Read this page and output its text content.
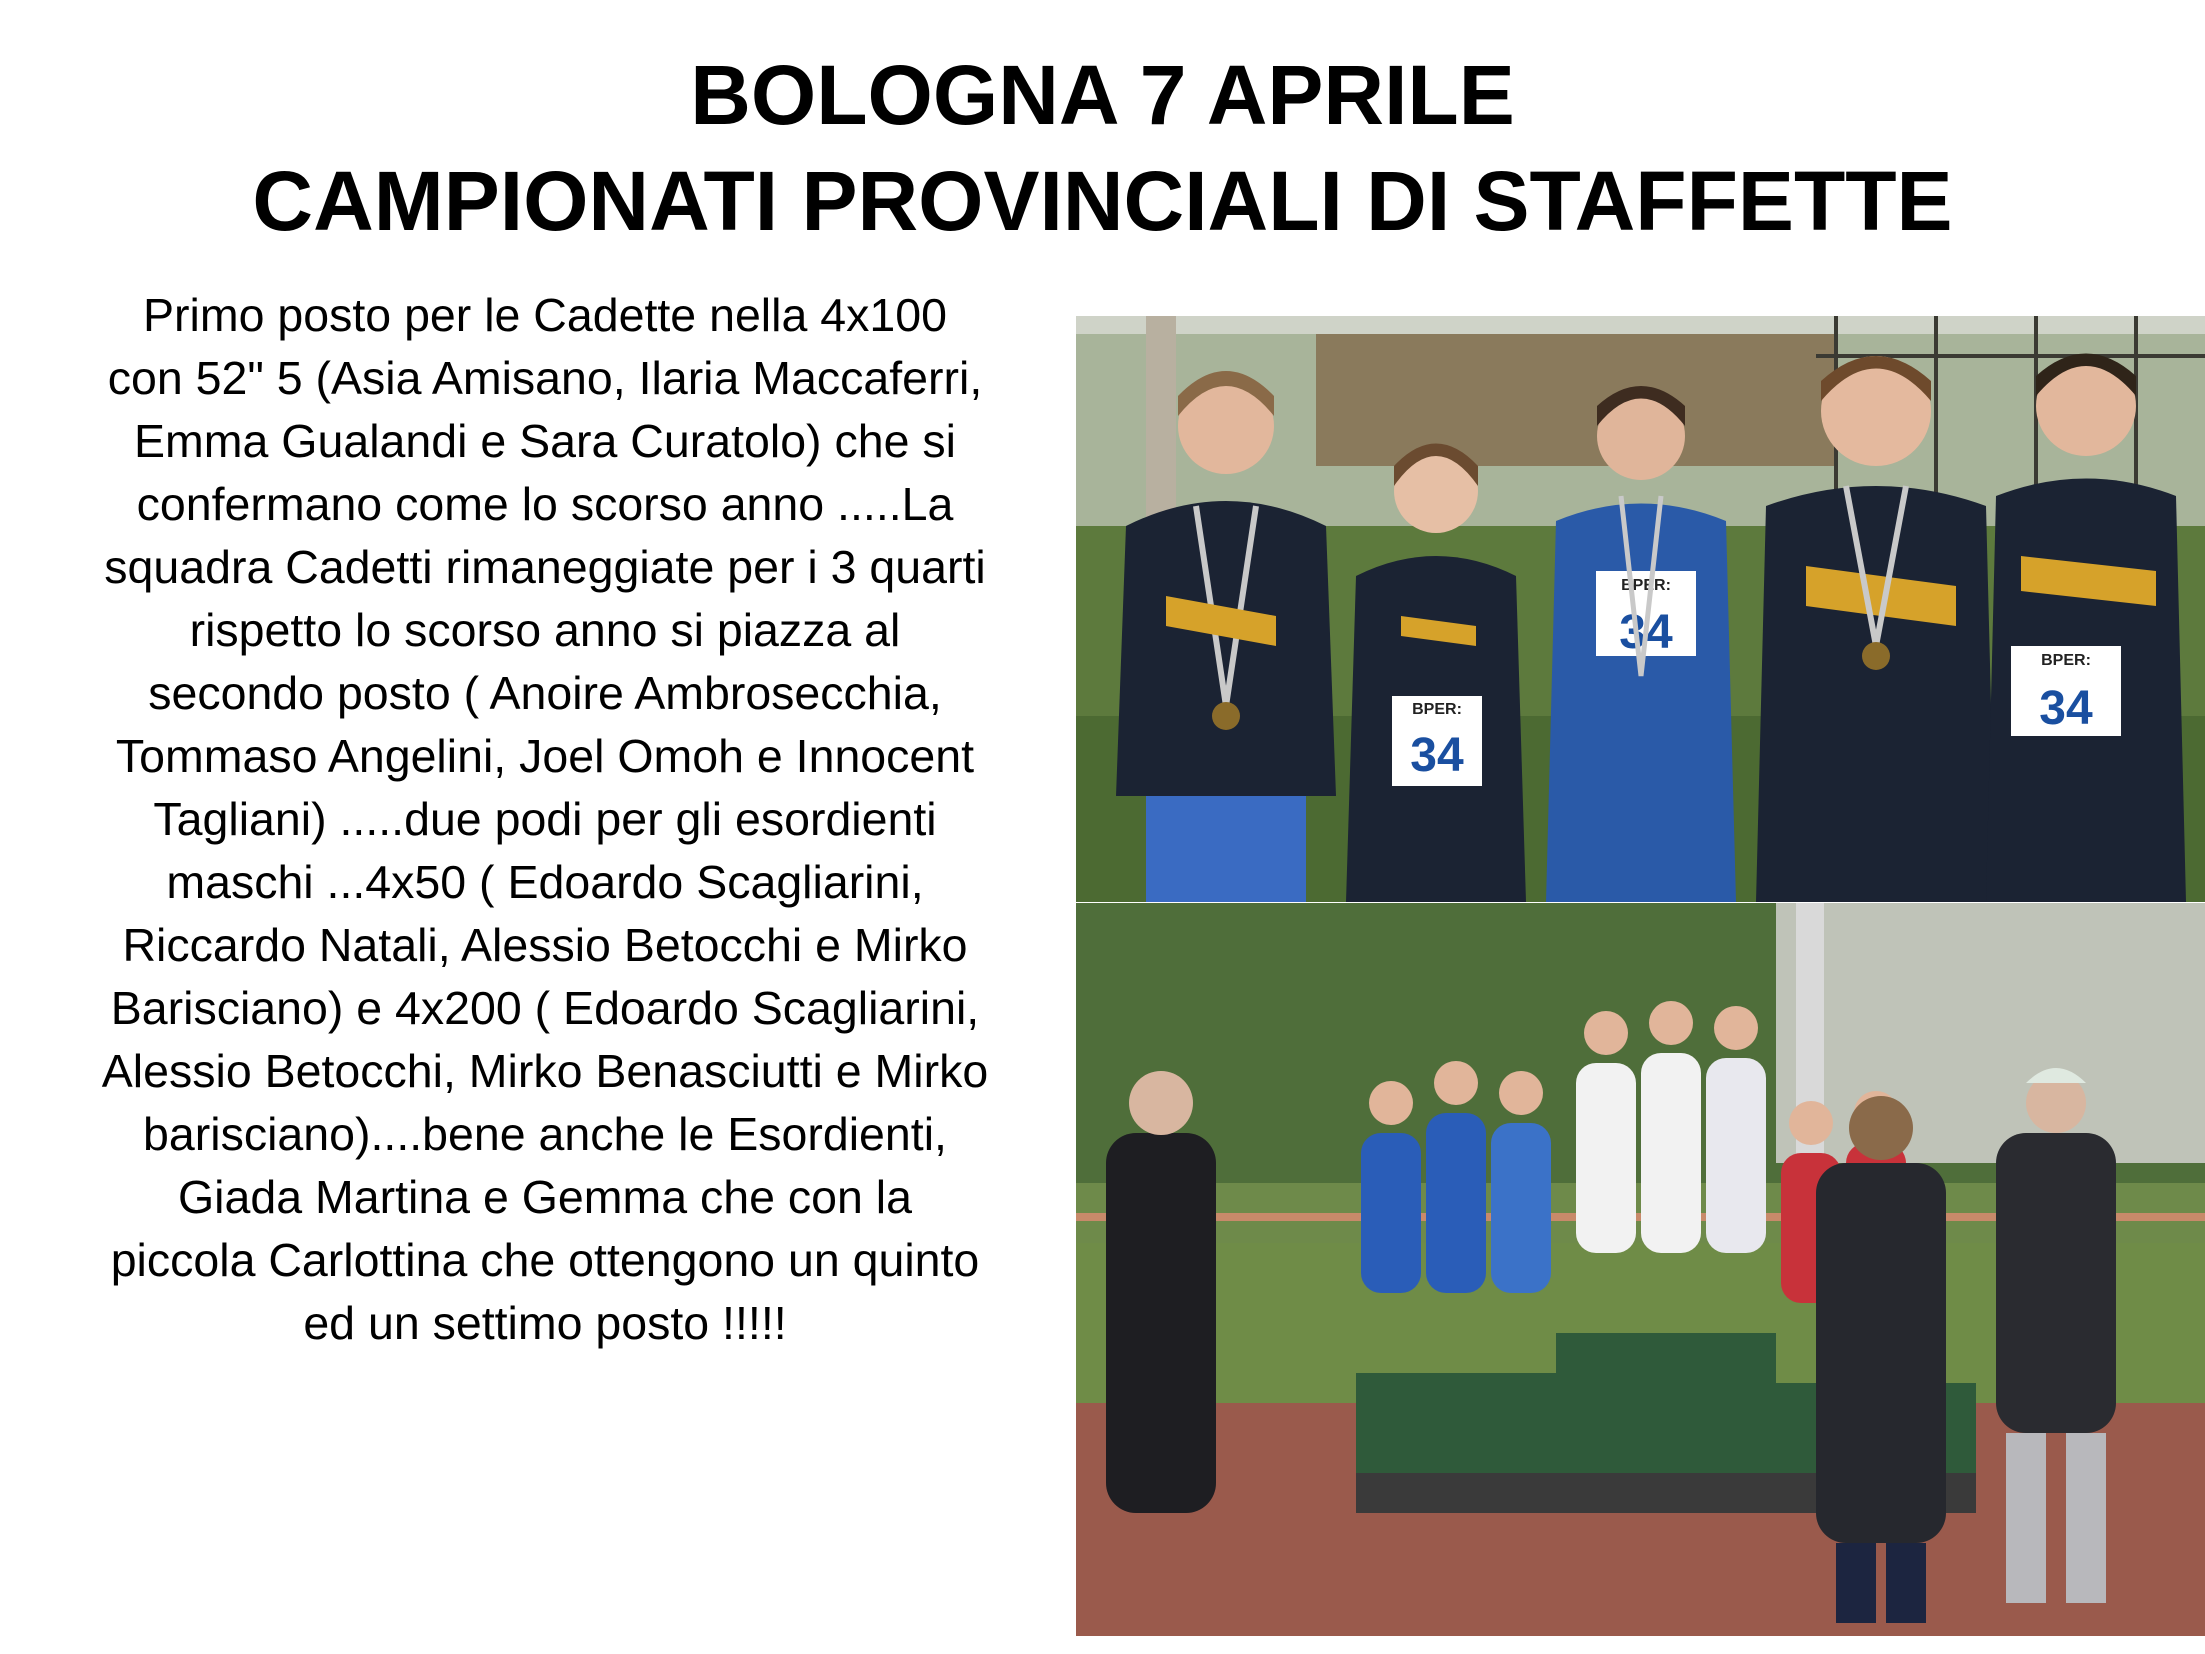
BOLOGNA 7 APRILE
CAMPIONATI PROVINCIALI DI STAFFETTE

Primo posto per le Cadette nella 4x100 con 52" 5 (Asia Amisano, Ilaria Maccaferri, Emma Gualandi e Sara Curatolo) che si confermano come lo scorso anno .....La squadra Cadetti rimaneggiate per i 3 quarti rispetto lo scorso anno si piazza al secondo posto ( Anoire Ambrosecchia, Tommaso Angelini, Joel Omoh e Innocent Tagliani) .....due podi per gli esordienti maschi ...4x50 ( Edoardo Scagliarini, Riccardo Natali, Alessio Betocchi e Mirko Barisciano) e 4x200 ( Edoardo Scagliarini, Alessio Betocchi, Mirko Benasciutti e Mirko barisciano)....bene anche le Esordienti, Giada Martina e Gemma che con la piccola Carlottina che ottengono un quinto ed un settimo posto !!!!!

BPER:
34
BPER:
34
BPER:
34
